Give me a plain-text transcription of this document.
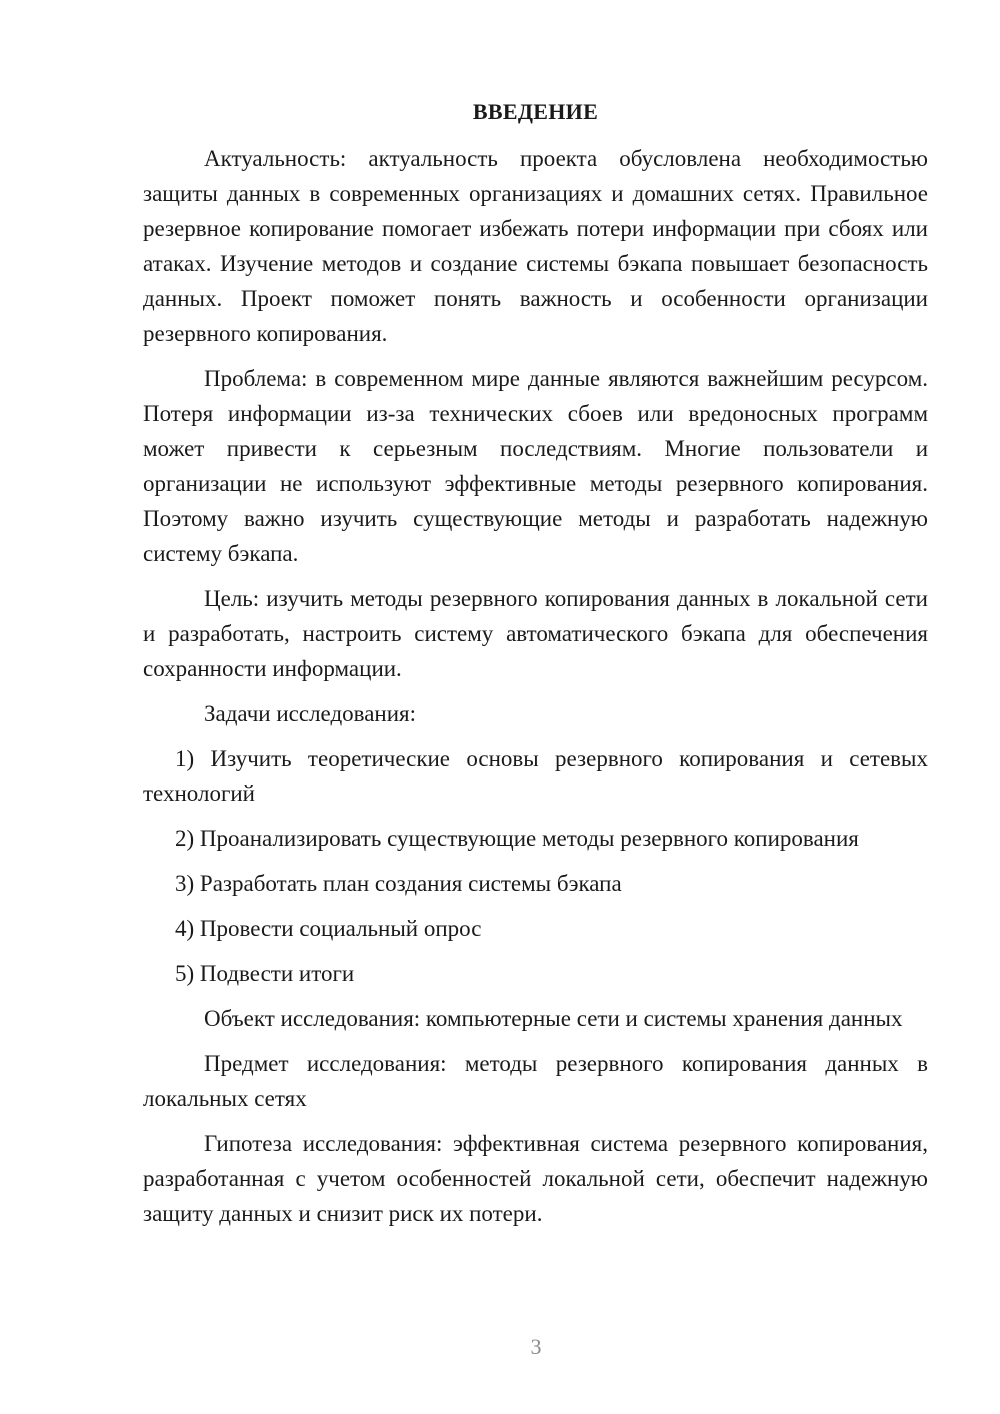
ВВЕДЕНИЕ

Актуальность: актуальность проекта обусловлена необходимостью защиты данных в современных организациях и домашних сетях. Правильное резервное копирование помогает избежать потери информации при сбоях или атаках. Изучение методов и создание системы бэкапа повышает безопасность данных. Проект поможет понять важность и особенности организации резервного копирования.

Проблема: в современном мире данные являются важнейшим ресурсом. Потеря информации из-за технических сбоев или вредоносных программ может привести к серьезным последствиям. Многие пользователи и организации не используют эффективные методы резервного копирования. Поэтому важно изучить существующие методы и разработать надежную систему бэкапа.

Цель: изучить методы резервного копирования данных в локальной сети и разработать, настроить систему автоматического бэкапа для обеспечения сохранности информации.

Задачи исследования:

1) Изучить теоретические основы резервного копирования и сетевых технологий

2) Проанализировать существующие методы резервного копирования

3) Разработать план создания системы бэкапа

4) Провести социальный опрос

5) Подвести итоги

Объект исследования: компьютерные сети и системы хранения данных

Предмет исследования: методы резервного копирования данных в локальных сетях

Гипотеза исследования: эффективная система резервного копирования, разработанная с учетом особенностей локальной сети, обеспечит надежную защиту данных и снизит риск их потери.

3
